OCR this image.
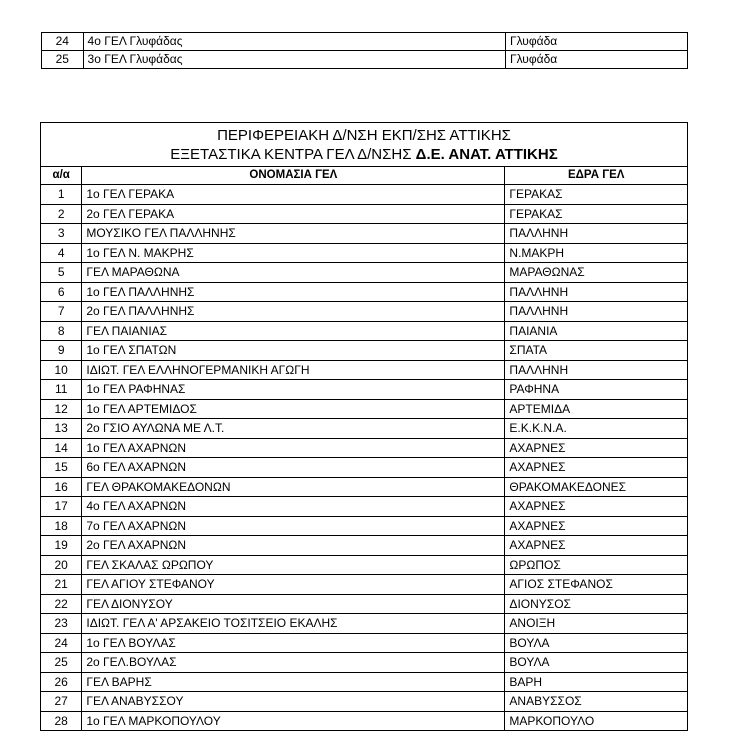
24	4ο ΓΕΛ Γλυφάδας	Γλυφάδα
25	3ο ΓΕΛ Γλυφάδας	Γλυφάδα
ΠΕΡΙΦΕΡΕΙΑΚΗ Δ/ΝΣΗ ΕΚΠ/ΣΗΣ ΑΤΤΙΚΗΣ
ΕΞΕΤΑΣΤΙΚΑ ΚΕΝΤΡΑ ΓΕΛ Δ/ΝΣΗΣ Δ.Ε. ΑΝΑΤ. ΑΤΤΙΚΗΣ		

α/α	ΟΝΟΜΑΣΙΑ ΓΕΛ	ΕΔΡΑ ΓΕΛ
1	1ο ΓΕΛ ΓΕΡΑΚΑ	ΓΕΡΑΚΑΣ
2	2ο ΓΕΛ ΓΕΡΑΚΑ	ΓΕΡΑΚΑΣ
3	ΜΟΥΣΙΚΟ ΓΕΛ ΠΑΛΛΗΝΗΣ	ΠΑΛΛΗΝΗ
4	1ο ΓΕΛ Ν. ΜΑΚΡΗΣ	Ν.ΜΑΚΡΗ
5	ΓΕΛ ΜΑΡΑΘΩΝΑ	ΜΑΡΑΘΩΝΑΣ
6	1ο ΓΕΛ ΠΑΛΛΗΝΗΣ	ΠΑΛΛΗΝΗ
7	2ο ΓΕΛ ΠΑΛΛΗΝΗΣ	ΠΑΛΛΗΝΗ
8	ΓΕΛ ΠΑΙΑΝΙΑΣ	ΠΑΙΑΝΙΑ
9	1ο ΓΕΛ ΣΠΑΤΩΝ	ΣΠΑΤΑ
10	ΙΔΙΩΤ. ΓΕΛ ΕΛΛΗΝΟΓΕΡΜΑΝΙΚΗ ΑΓΩΓΗ	ΠΑΛΛΗΝΗ
11	1ο ΓΕΛ ΡΑΦΗΝΑΣ	ΡΑΦΗΝΑ
12	1ο ΓΕΛ ΑΡΤΕΜΙΔΟΣ	ΑΡΤΕΜΙΔΑ
13	2ο ΓΣΙΟ ΑΥΛΩΝΑ ΜΕ Λ.Τ.	Ε.Κ.Κ.Ν.Α.
14	1ο ΓΕΛ ΑΧΑΡΝΩΝ	ΑΧΑΡΝΕΣ
15	6ο ΓΕΛ ΑΧΑΡΝΩΝ	ΑΧΑΡΝΕΣ
16	ΓΕΛ ΘΡΑΚΟΜΑΚΕΔΟΝΩΝ	ΘΡΑΚΟΜΑΚΕΔΟΝΕΣ
17	4ο ΓΕΛ ΑΧΑΡΝΩΝ	ΑΧΑΡΝΕΣ
18	7ο ΓΕΛ ΑΧΑΡΝΩΝ	ΑΧΑΡΝΕΣ
19	2ο ΓΕΛ ΑΧΑΡΝΩΝ	ΑΧΑΡΝΕΣ
20	ΓΕΛ ΣΚΑΛΑΣ ΩΡΩΠΟΥ	ΩΡΩΠΟΣ
21	ΓΕΛ ΑΓΙΟΥ ΣΤΕΦΑΝΟΥ	ΑΓΙΟΣ ΣΤΕΦΑΝΟΣ
22	ΓΕΛ ΔΙΟΝΥΣΟΥ	ΔΙΟΝΥΣΟΣ
23	ΙΔΙΩΤ. ΓΕΛ Α' ΑΡΣΑΚΕΙΟ ΤΟΣΙΤΣΕΙΟ ΕΚΑΛΗΣ	ΑΝΟΙΞΗ
24	1ο ΓΕΛ ΒΟΥΛΑΣ	ΒΟΥΛΑ
25	2ο ΓΕΛ.ΒΟΥΛΑΣ	ΒΟΥΛΑ
26	ΓΕΛ ΒΑΡΗΣ	ΒΑΡΗ
27	ΓΕΛ ΑΝΑΒΥΣΣΟΥ	ΑΝΑΒΥΣΣΟΣ
28	1ο ΓΕΛ ΜΑΡΚΟΠΟΥΛΟΥ	ΜΑΡΚΟΠΟΥΛΟ
